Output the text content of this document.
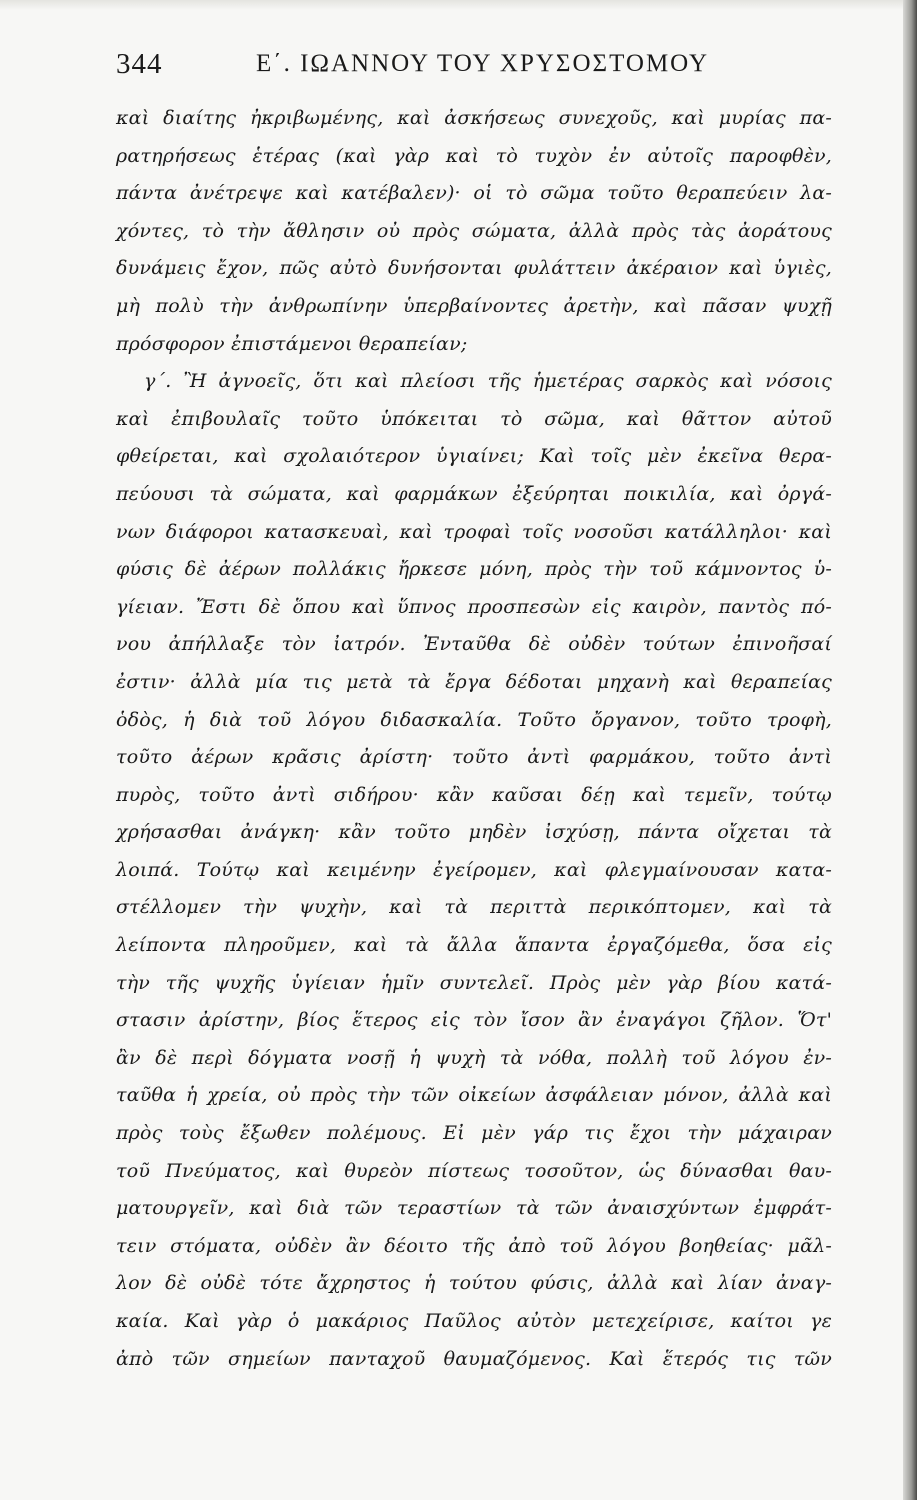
344	Ε΄. ΙΩΑΝΝΟΥ ΤΟΥ ΧΡΥΣΟΣΤΟΜΟΥ
καὶ διαίτης ἠκριβωμένης, καὶ ἀσκήσεως συνεχοῦς, καὶ μυρίας πα-
ρατηρήσεως ἑτέρας (καὶ γὰρ καὶ τὸ τυχὸν ἐν αὐτοῖς παροφθὲν,
πάντα ἀνέτρεψε καὶ κατέβαλεν)· οἱ τὸ σῶμα τοῦτο θεραπεύειν λα-
χόντες, τὸ τὴν ἄθλησιν οὐ πρὸς σώματα, ἀλλὰ πρὸς τὰς ἀοράτους
δυνάμεις ἔχον, πῶς αὐτὸ δυνήσονται φυλάττειν ἀκέραιον καὶ ὑγιὲς,
μὴ πολὺ τὴν ἀνθρωπίνην ὑπερβαίνοντες ἀρετὴν, καὶ πᾶσαν ψυχῇ
πρόσφορον ἐπιστάμενοι θεραπείαν;
γ΄. Ἢ ἀγνοεῖς, ὅτι καὶ πλείοσι τῆς ἡμετέρας σαρκὸς καὶ νόσοις
καὶ ἐπιβουλαῖς τοῦτο ὑπόκειται τὸ σῶμα, καὶ θᾶττον αὐτοῦ
φθείρεται, καὶ σχολαιότερον ὑγιαίνει; Καὶ τοῖς μὲν ἐκεῖνα θερα-
πεύουσι τὰ σώματα, καὶ φαρμάκων ἐξεύρηται ποικιλία, καὶ ὀργά-
νων διάφοροι κατασκευαὶ, καὶ τροφαὶ τοῖς νοσοῦσι κατάλληλοι· καὶ
φύσις δὲ ἀέρων πολλάκις ἤρκεσε μόνη, πρὸς τὴν τοῦ κάμνοντος ὑ-
γίειαν. Ἔστι δὲ ὅπου καὶ ὕπνος προσπεσὼν εἰς καιρὸν, παντὸς πό-
νου ἀπήλλαξε τὸν ἰατρόν. Ἐνταῦθα δὲ οὐδὲν τούτων ἐπινοῆσαί
ἐστιν· ἀλλὰ μία τις μετὰ τὰ ἔργα δέδοται μηχανὴ καὶ θεραπείας
ὁδὸς, ἡ διὰ τοῦ λόγου διδασκαλία. Τοῦτο ὄργανον, τοῦτο τροφὴ,
τοῦτο ἀέρων κρᾶσις ἀρίστη· τοῦτο ἀντὶ φαρμάκου, τοῦτο ἀντὶ
πυρὸς, τοῦτο ἀντὶ σιδήρου· κἂν καῦσαι δέῃ καὶ τεμεῖν, τούτῳ
χρήσασθαι ἀνάγκη· κἂν τοῦτο μηδὲν ἰσχύσῃ, πάντα οἴχεται τὰ
λοιπά. Τούτῳ καὶ κειμένην ἐγείρομεν, καὶ φλεγμαίνουσαν κατα-
στέλλομεν τὴν ψυχὴν, καὶ τὰ περιττὰ περικόπτομεν, καὶ τὰ
λείποντα πληροῦμεν, καὶ τὰ ἄλλα ἅπαντα ἐργαζόμεθα, ὅσα εἰς
τὴν τῆς ψυχῆς ὑγίειαν ἡμῖν συντελεῖ. Πρὸς μὲν γὰρ βίου κατά-
στασιν ἀρίστην, βίος ἕτερος εἰς τὸν ἴσον ἂν ἐναγάγοι ζῆλον. Ὅτ'
ἂν δὲ περὶ δόγματα νοσῇ ἡ ψυχὴ τὰ νόθα, πολλὴ τοῦ λόγου ἐν-
ταῦθα ἡ χρεία, οὐ πρὸς τὴν τῶν οἰκείων ἀσφάλειαν μόνον, ἀλλὰ καὶ
πρὸς τοὺς ἔξωθεν πολέμους. Εἰ μὲν γάρ τις ἔχοι τὴν μάχαιραν
τοῦ Πνεύματος, καὶ θυρεὸν πίστεως τοσοῦτον, ὡς δύνασθαι θαυ-
ματουργεῖν, καὶ διὰ τῶν τεραστίων τὰ τῶν ἀναισχύντων ἐμφράτ-
τειν στόματα, οὐδὲν ἂν δέοιτο τῆς ἀπὸ τοῦ λόγου βοηθείας· μᾶλ-
λον δὲ οὐδὲ τότε ἄχρηστος ἡ τούτου φύσις, ἀλλὰ καὶ λίαν ἀναγ-
καία. Καὶ γὰρ ὁ μακάριος Παῦλος αὐτὸν μετεχείρισε, καίτοι γε
ἀπὸ τῶν σημείων πανταχοῦ θαυμαζόμενος. Καὶ ἕτερός τις τῶν
